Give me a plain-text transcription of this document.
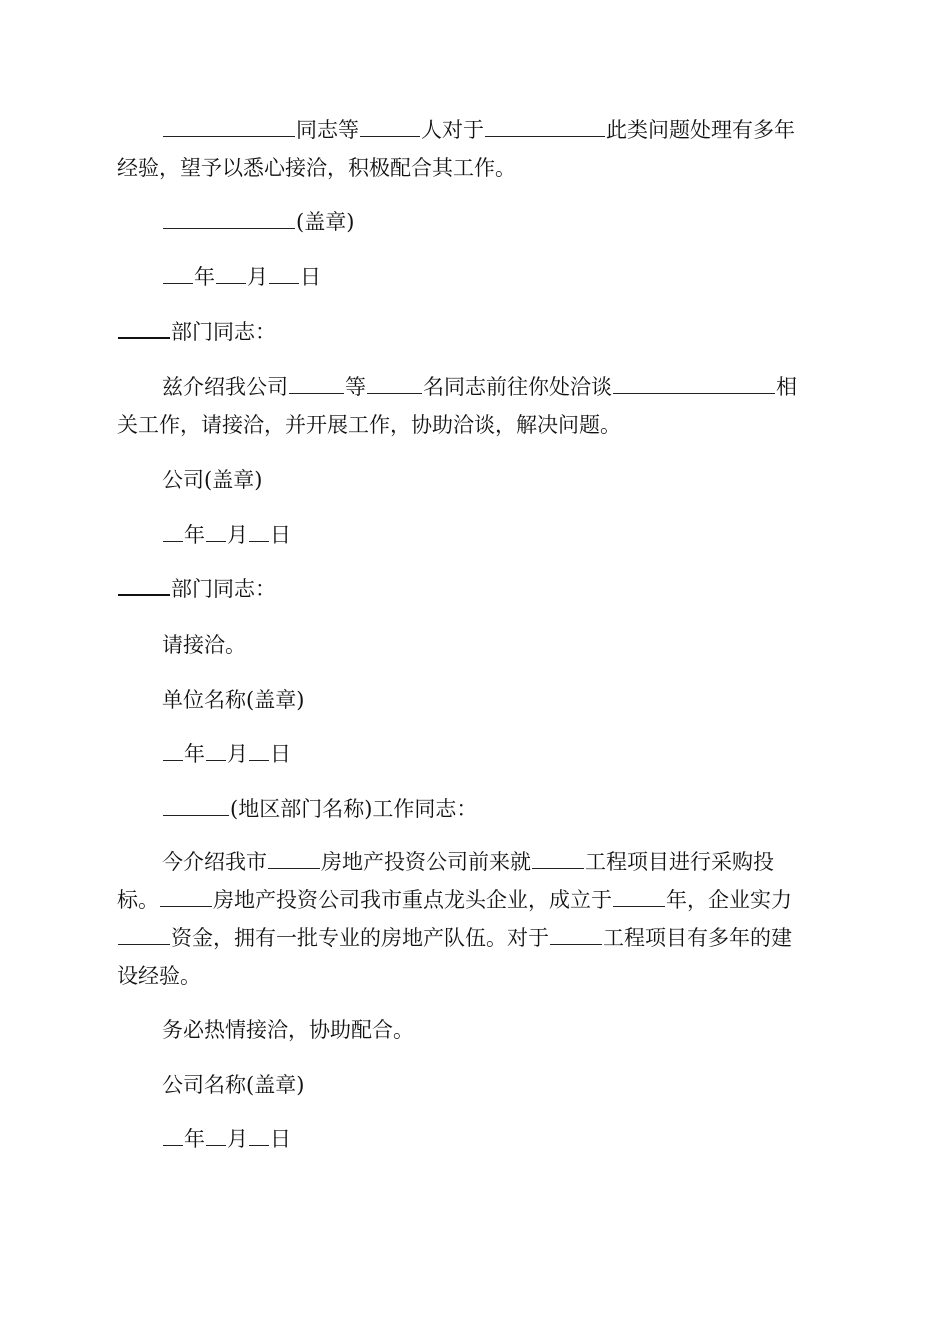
同志等	人对于	此类问题处理有多年

经验，望予以悉心接洽，积极配合其工作。

(盖章)

年 月 日

部门同志：

兹介绍我公司	等	名同志前往你处洽谈	相

关工作，请接洽，并开展工作，协助洽谈，解决问题。

公司(盖章)

年 月 日

部门同志：

请接洽。

单位名称(盖章)

年 月 日

(地区部门名称)工作同志：

今介绍我市	房地产投资公司前来就	工程项目进行采购投

标。	房地产投资公司我市重点龙头企业，成立于	年，企业实力

资金，拥有一批专业的房地产队伍。对于	工程项目有多年的建

设经验。

务必热情接洽，协助配合。

公司名称(盖章)

年 月 日
